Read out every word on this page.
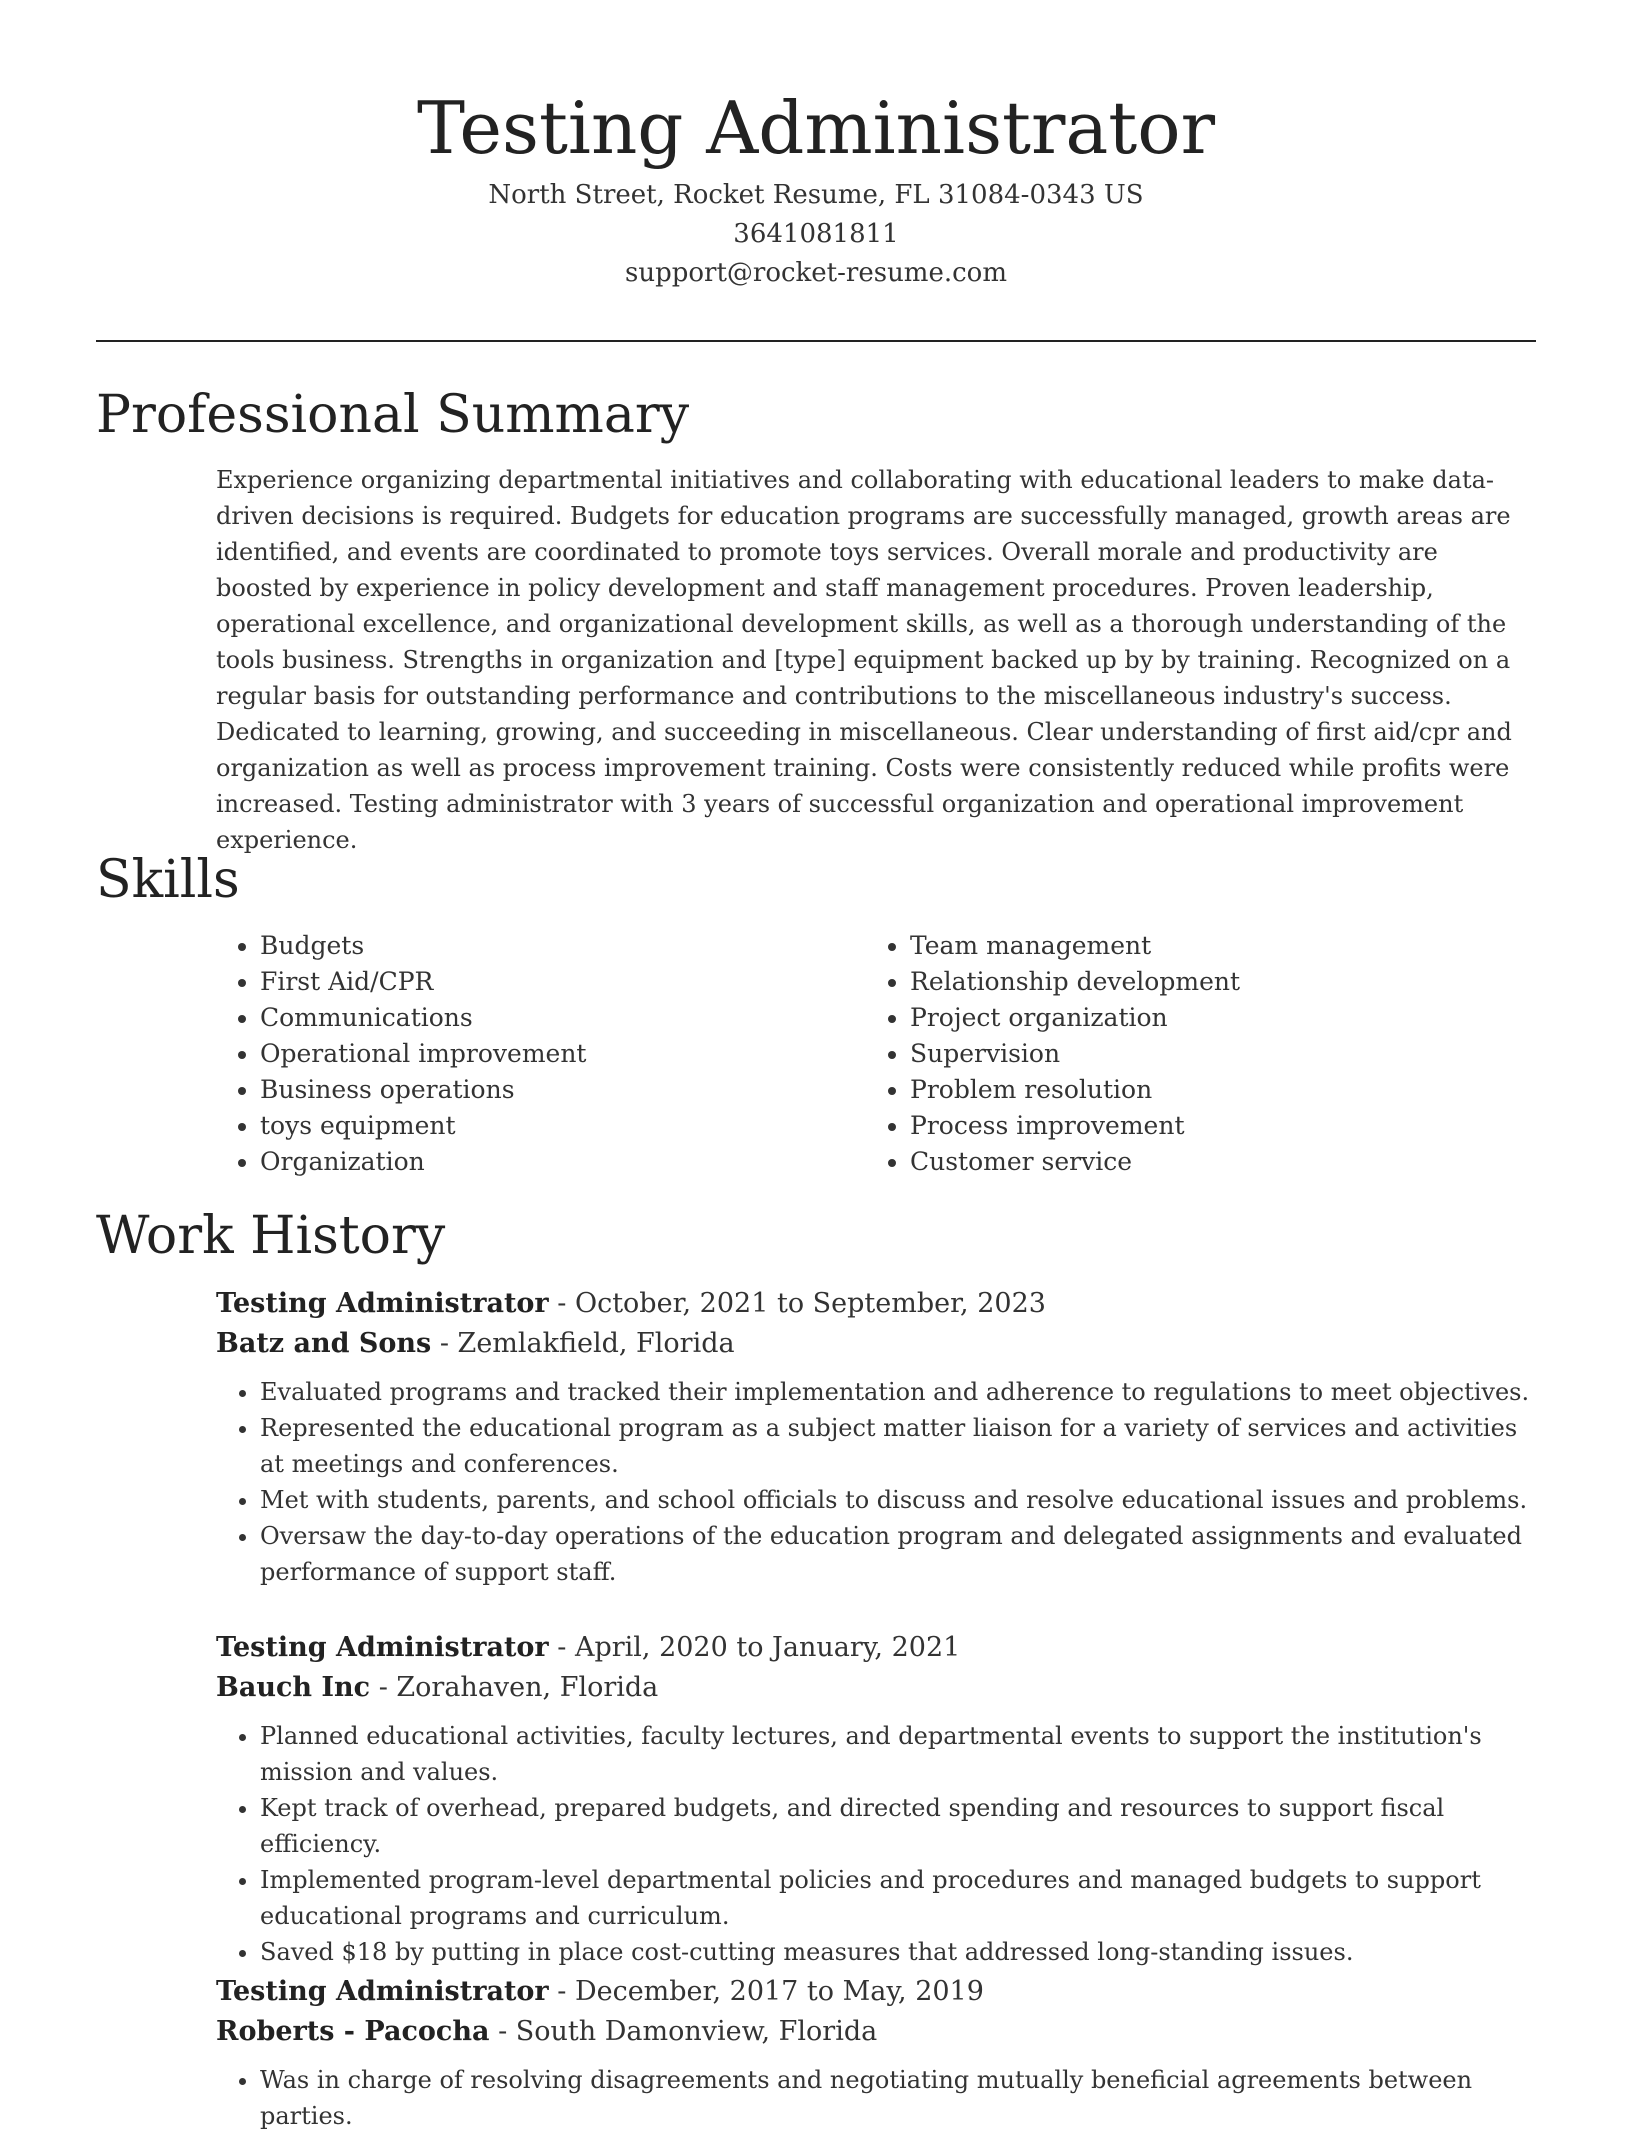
Testing Administrator
North Street, Rocket Resume, FL 31084-0343 US
3641081811
support@rocket-resume.com
Professional Summary

Experience organizing departmental initiatives and collaborating with educational leaders to make data-driven decisions is required. Budgets for education programs are successfully managed, growth areas are identified, and events are coordinated to promote toys services. Overall morale and productivity are boosted by experience in policy development and staff management procedures. Proven leadership, operational excellence, and organizational development skills, as well as a thorough understanding of the tools business. Strengths in organization and [type] equipment backed up by by training. Recognized on a regular basis for outstanding performance and contributions to the miscellaneous industry's success. Dedicated to learning, growing, and succeeding in miscellaneous. Clear understanding of first aid/cpr and organization as well as process improvement training. Costs were consistently reduced while profits were increased. Testing administrator with 3 years of successful organization and operational improvement experience.

Skills
• Budgets
• First Aid/CPR
• Communications
• Operational improvement
• Business operations
• toys equipment
• Organization
• Team management
• Relationship development
• Project organization
• Supervision
• Problem resolution
• Process improvement
• Customer service
Work History
Testing Administrator - October, 2021 to September, 2023
Batz and Sons - Zemlakfield, Florida
• Evaluated programs and tracked their implementation and adherence to regulations to meet objectives.
• Represented the educational program as a subject matter liaison for a variety of services and activities at meetings and conferences.
• Met with students, parents, and school officials to discuss and resolve educational issues and problems.
• Oversaw the day-to-day operations of the education program and delegated assignments and evaluated performance of support staff.
Testing Administrator - April, 2020 to January, 2021
Bauch Inc - Zorahaven, Florida
• Planned educational activities, faculty lectures, and departmental events to support the institution's mission and values.
• Kept track of overhead, prepared budgets, and directed spending and resources to support fiscal efficiency.
• Implemented program-level departmental policies and procedures and managed budgets to support educational programs and curriculum.
• Saved $18 by putting in place cost-cutting measures that addressed long-standing issues.
Testing Administrator - December, 2017 to May, 2019
Roberts - Pacocha - South Damonview, Florida
• Was in charge of resolving disagreements and negotiating mutually beneficial agreements between parties.
